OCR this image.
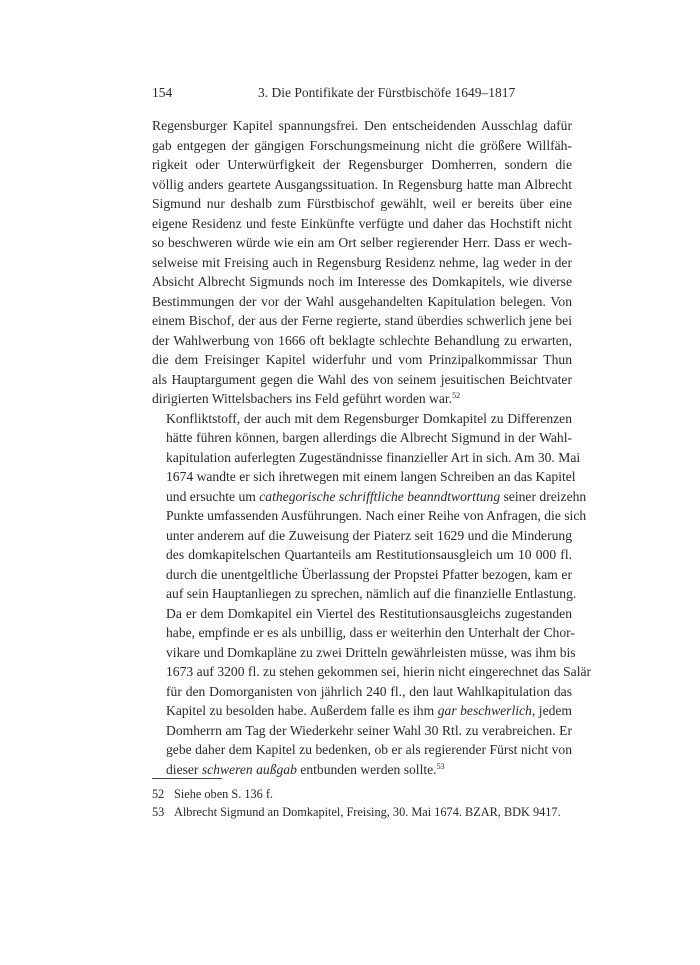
154	3. Die Pontifikate der Fürstbischöfe 1649–1817

Regensburger Kapitel spannungsfrei. Den entscheidenden Ausschlag dafür
gab entgegen der gängigen Forschungsmeinung nicht die größere Willfäh-
rigkeit oder Unterwürfigkeit der Regensburger Domherren, sondern die
völlig anders geartete Ausgangssituation. In Regensburg hatte man Albrecht
Sigmund nur deshalb zum Fürstbischof gewählt, weil er bereits über eine
eigene Residenz und feste Einkünfte verfügte und daher das Hochstift nicht
so beschweren würde wie ein am Ort selber regierender Herr. Dass er wech-
selweise mit Freising auch in Regensburg Residenz nehme, lag weder in der
Absicht Albrecht Sigmunds noch im Interesse des Domkapitels, wie diverse
Bestimmungen der vor der Wahl ausgehandelten Kapitulation belegen. Von
einem Bischof, der aus der Ferne regierte, stand überdies schwerlich jene bei
der Wahlwerbung von 1666 oft beklagte schlechte Behandlung zu erwarten,
die dem Freisinger Kapitel widerfuhr und vom Prinzipalkommissar Thun
als Hauptargument gegen die Wahl des von seinem jesuitischen Beichtvater
dirigierten Wittelsbachers ins Feld geführt worden war.$^{52}$

Konfliktstoff, der auch mit dem Regensburger Domkapitel zu Differenzen
hätte führen können, bargen allerdings die Albrecht Sigmund in der Wahl-
kapitulation auferlegten Zugeständnisse finanzieller Art in sich. Am 30. Mai
1674 wandte er sich ihretwegen mit einem langen Schreiben an das Kapitel
und ersuchte um cathegorische schrifftliche beanndtworttung seiner dreizehn
Punkte umfassenden Ausführungen. Nach einer Reihe von Anfragen, die sich
unter anderem auf die Zuweisung der Piaterz seit 1629 und die Minderung
des domkapitelschen Quartanteils am Restitutionsausgleich um 10 000 fl.
durch die unentgeltliche Überlassung der Propstei Pfatter bezogen, kam er
auf sein Hauptanliegen zu sprechen, nämlich auf die finanzielle Entlastung.
Da er dem Domkapitel ein Viertel des Restitutionsausgleichs zugestanden
habe, empfinde er es als unbillig, dass er weiterhin den Unterhalt der Chor-
vikare und Domkapläne zu zwei Dritteln gewährleisten müsse, was ihm bis
1673 auf 3200 fl. zu stehen gekommen sei, hierin nicht eingerechnet das Salär
für den Domorganisten von jährlich 240 fl., den laut Wahlkapitulation das
Kapitel zu besolden habe. Außerdem falle es ihm gar beschwerlich, jedem
Domherrn am Tag der Wiederkehr seiner Wahl 30 Rtl. zu verabreichen. Er
gebe daher dem Kapitel zu bedenken, ob er als regierender Fürst nicht von
dieser schweren außgab entbunden werden sollte.$^{53}$

52 Siehe oben S. 136 f.
53 Albrecht Sigmund an Domkapitel, Freising, 30. Mai 1674. BZAR, BDK 9417.
